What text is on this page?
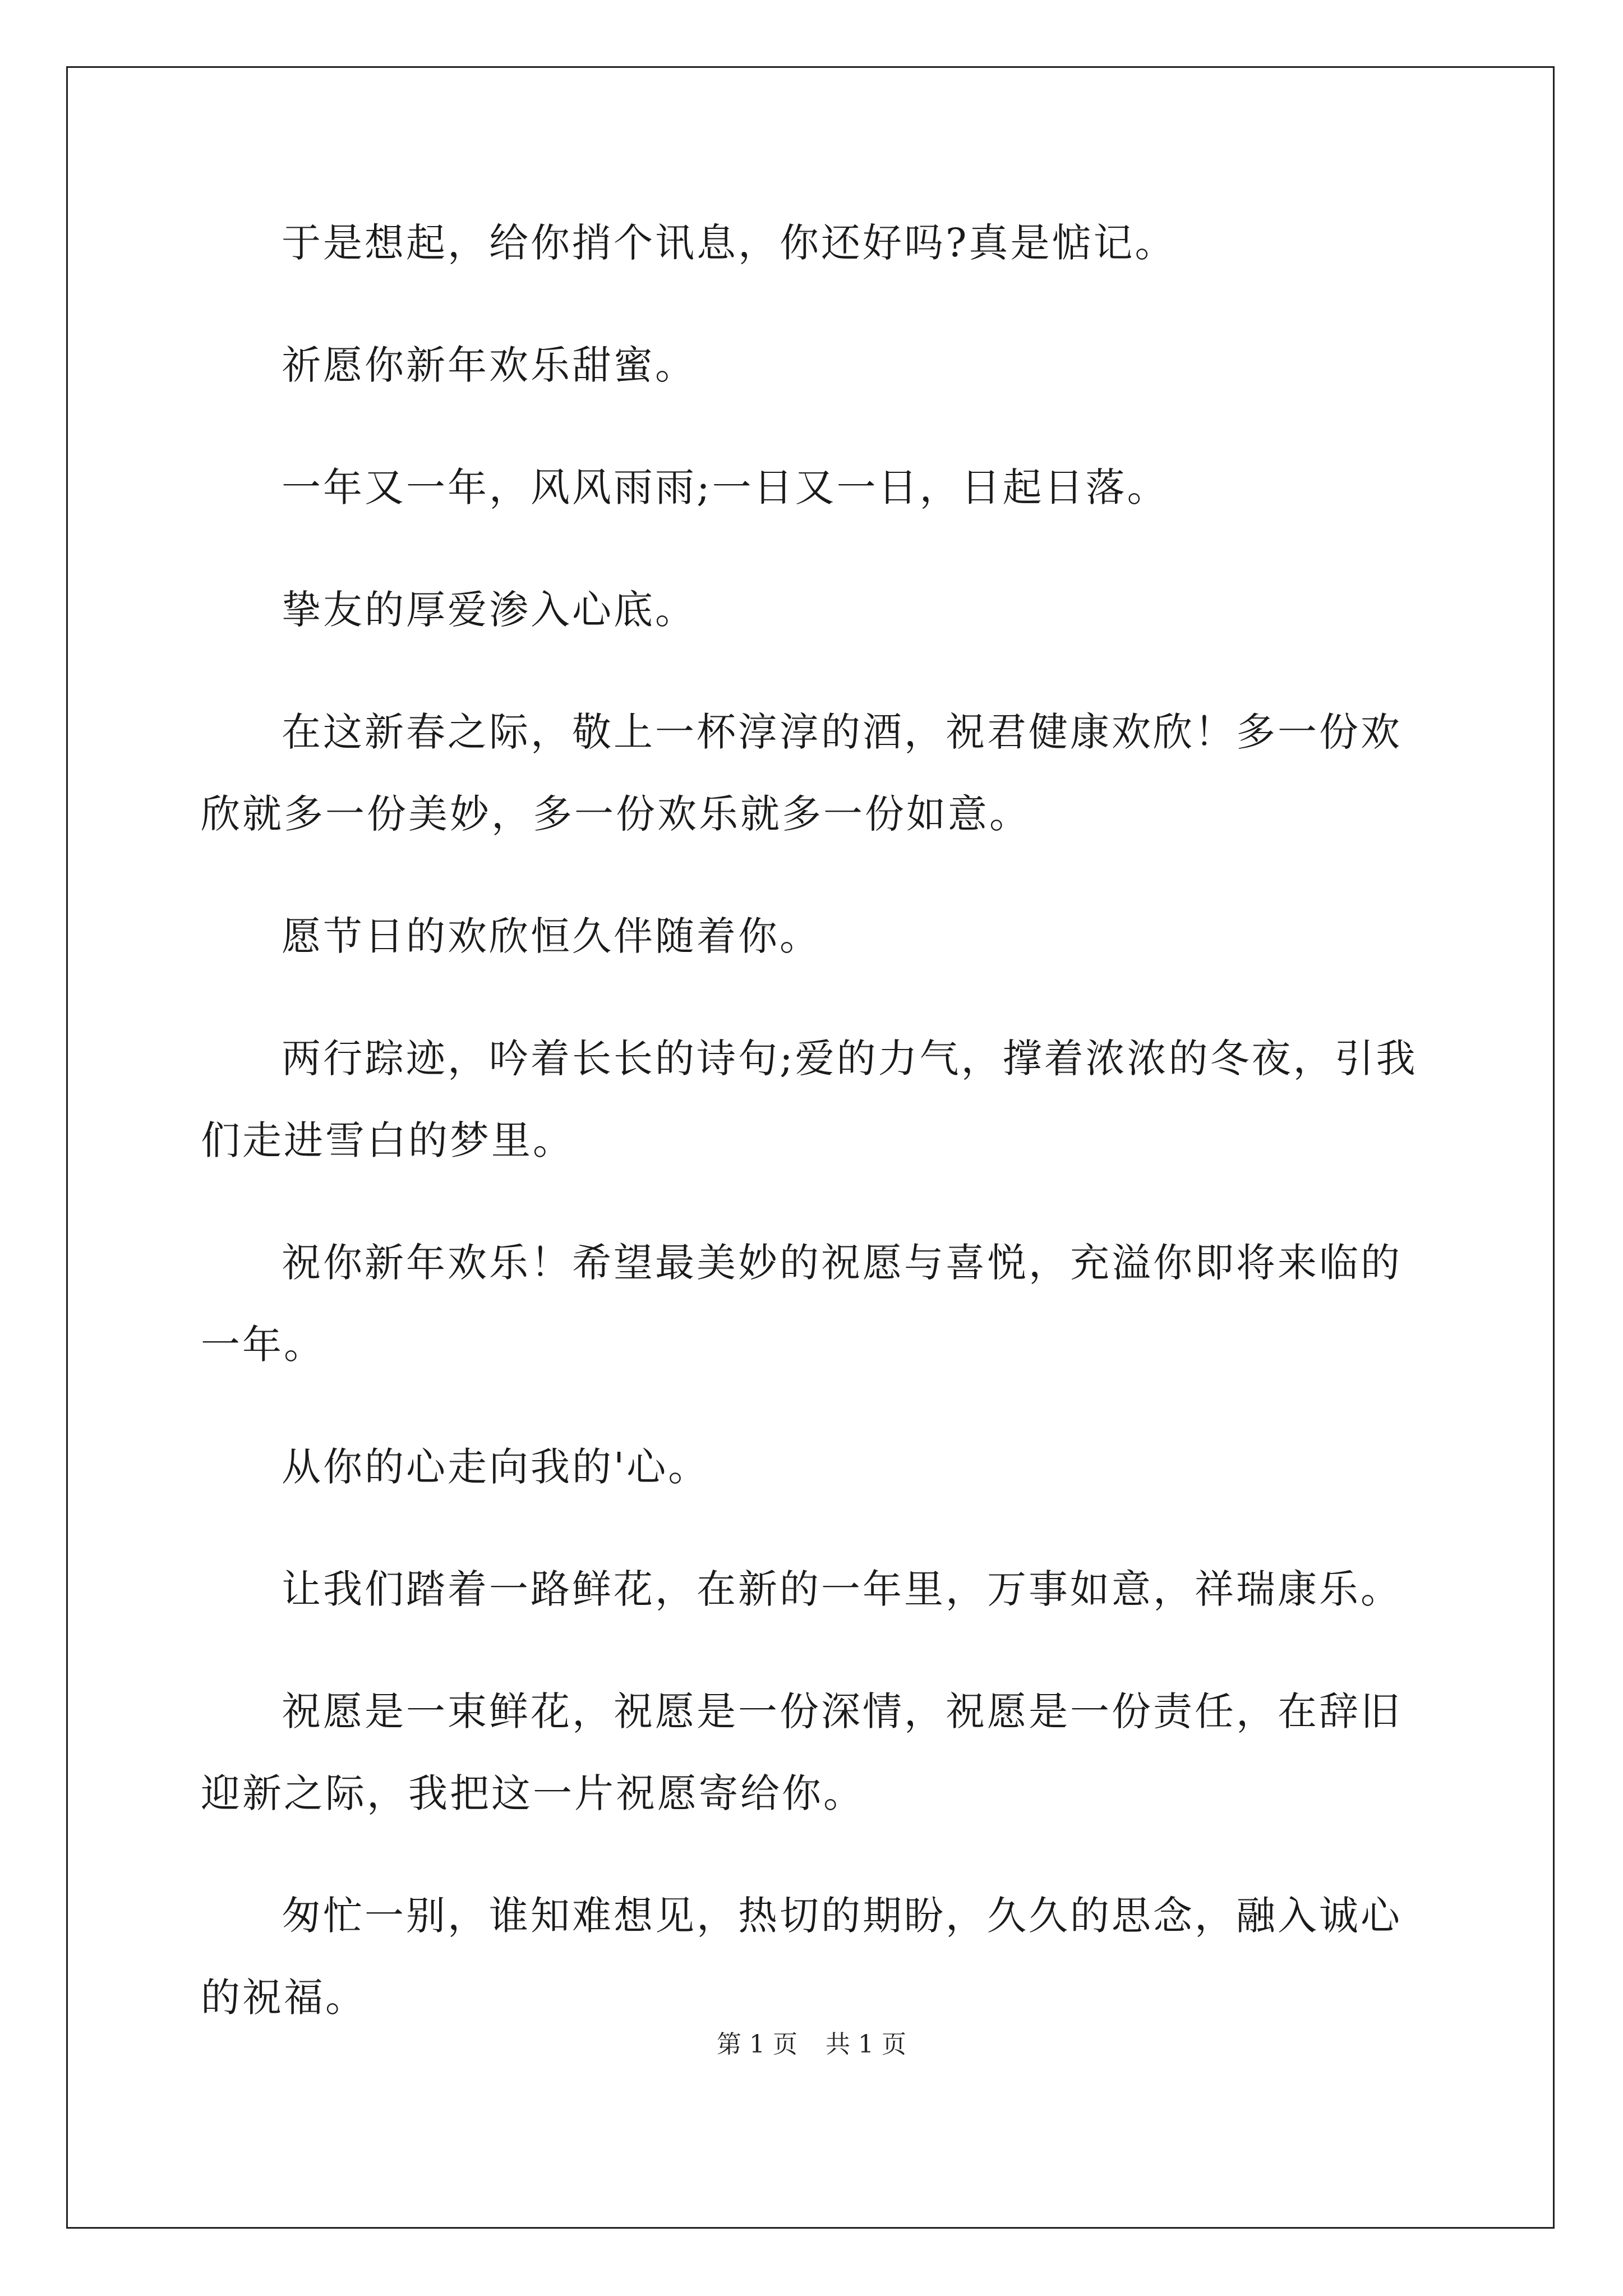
于是想起，给你捎个讯息，你还好吗?真是惦记。

祈愿你新年欢乐甜蜜。

一年又一年，风风雨雨;一日又一日，日起日落。

挚友的厚爱渗入心底。

在这新春之际，敬上一杯淳淳的酒，祝君健康欢欣！多一份欢欣就多一份美妙，多一份欢乐就多一份如意。

愿节日的欢欣恒久伴随着你。

两行踪迹，吟着长长的诗句;爱的力气，撑着浓浓的冬夜，引我们走进雪白的梦里。

祝你新年欢乐！希望最美妙的祝愿与喜悦，充溢你即将来临的一年。

从你的心走向我的'心。

让我们踏着一路鲜花，在新的一年里，万事如意，祥瑞康乐。

祝愿是一束鲜花，祝愿是一份深情，祝愿是一份责任，在辞旧迎新之际，我把这一片祝愿寄给你。

匆忙一别，谁知难想见，热切的期盼，久久的思念，融入诚心的祝福。

第 1 页 共 1 页
